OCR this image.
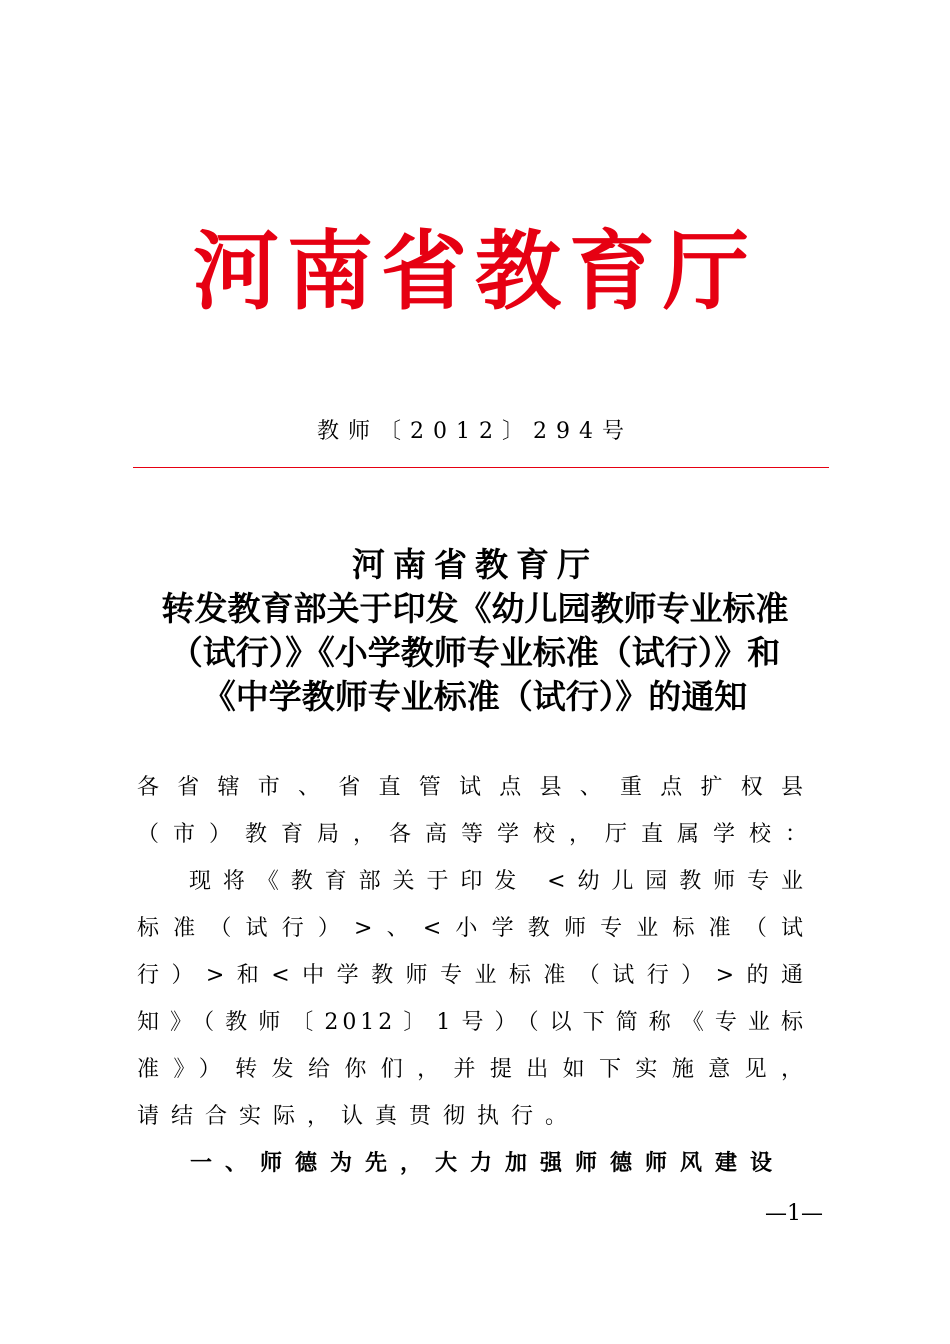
河南省教育厅
教师〔2012〕294号
河南省教育厅
转发教育部关于印发《幼儿园教师专业标准
（试行）》《小学教师专业标准（试行）》和
《中学教师专业标准（试行）》的通知
各省辖市、省直管试点县、重点扩权县
（市）教育局，各高等学校，厅直属学校：
现将《教育部关于印发 <幼儿园教师专业
标准（试行）>、<小学教师专业标准（试
行）>和<中学教师专业标准（试行）>的通
知》（教师〔2012〕1号）（以下简称《专业标
准》）转发给你们，并提出如下实施意见，
请结合实际，认真贯彻执行。
一、师德为先，大力加强师德师风建设
—1—
